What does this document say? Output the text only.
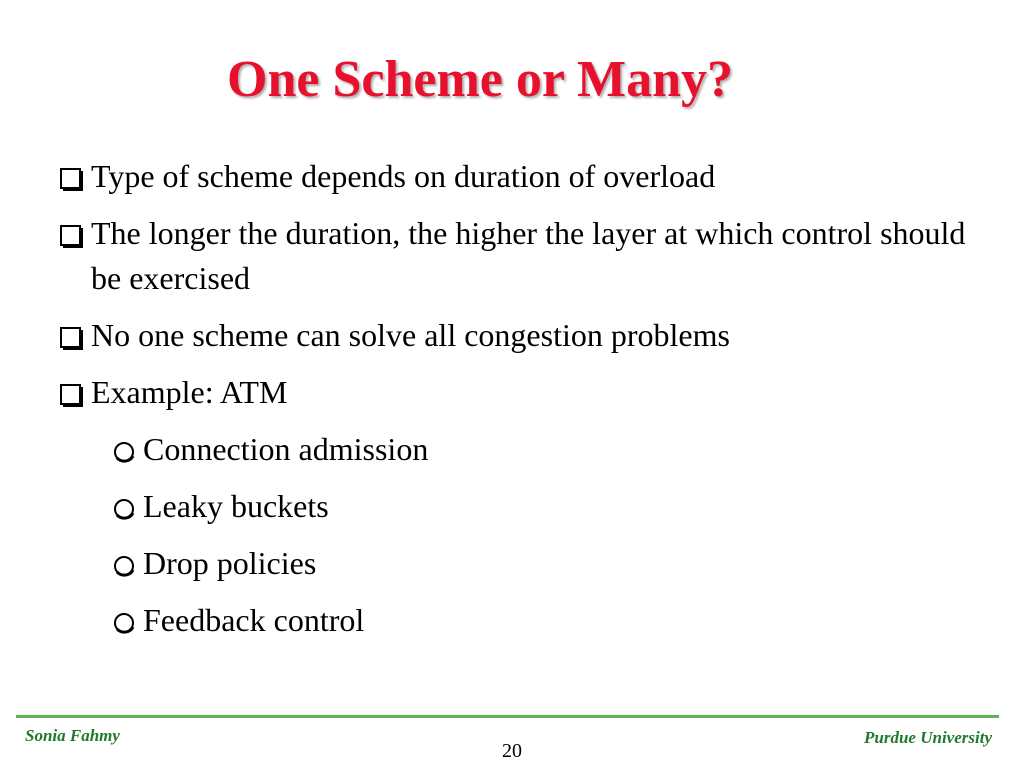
One Scheme or Many?
Type of scheme depends on duration of overload
The longer the duration, the higher the layer at which control should be exercised
No one scheme can solve all congestion problems
Example: ATM
Connection admission
Leaky buckets
Drop policies
Feedback control
Sonia Fahmy	Purdue University
20
